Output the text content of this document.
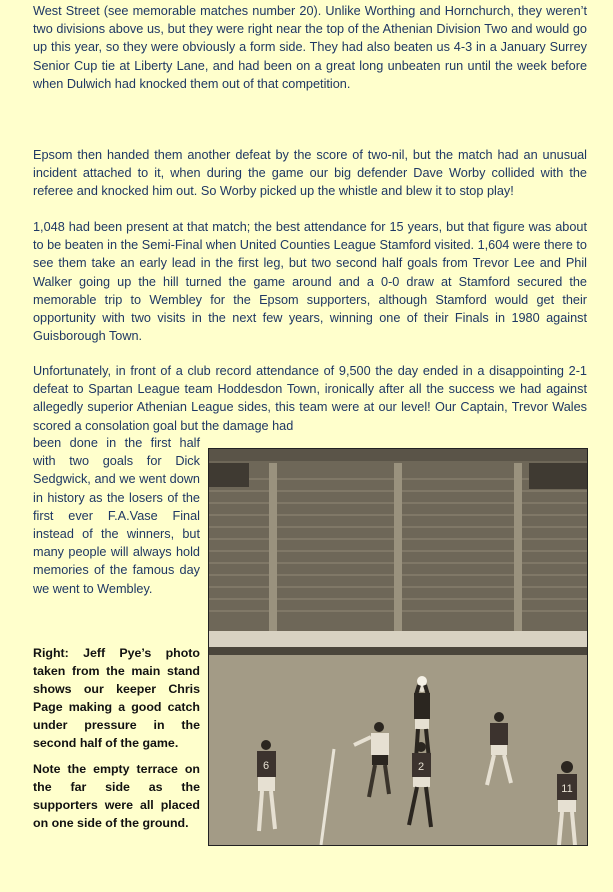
West Street (see memorable matches number 20). Unlike Worthing and Hornchurch, they weren’t two divisions above us, but they were right near the top of the Athenian Division Two and would go up this year, so they were obviously a form side. They had also beaten us 4-3 in a January Surrey Senior Cup tie at Liberty Lane, and had been on a great long unbeaten run until the week before when Dulwich had knocked them out of that competition.

Epsom then handed them another defeat by the score of two-nil, but the match had an unusual incident attached to it, when during the game our big defender Dave Worby collided with the referee and knocked him out. So Worby picked up the whistle and blew it to stop play!

1,048 had been present at that match; the best attendance for 15 years, but that figure was about to be beaten in the Semi-Final when United Counties League Stamford visited. 1,604 were there to see them take an early lead in the first leg, but two second half goals from Trevor Lee and Phil Walker going up the hill turned the game around and a 0-0 draw at Stamford secured the memorable trip to Wembley for the Epsom supporters, although Stamford would get their opportunity with two visits in the next few years, winning one of their Finals in 1980 against Guisborough Town.

Unfortunately, in front of a club record attendance of 9,500 the day ended in a disappointing 2-1 defeat to Spartan League team Hoddesdon Town, ironically after all the success we had against allegedly superior Athenian League sides, this team were at our level! Our Captain, Trevor Wales scored a consolation goal but the damage had

been done in the first half with two goals for Dick Sedgwick, and we went down in history as the losers of the first ever F.A.Vase Final instead of the winners, but many people will always hold memories of the famous day we went to Wembley.

Right: Jeff Pye’s photo taken from the main stand shows our keeper Chris Page making a good catch under pressure in the second half of the game.

Note the empty terrace on the far side as the supporters were all placed on one side of the ground.

2
6
11
